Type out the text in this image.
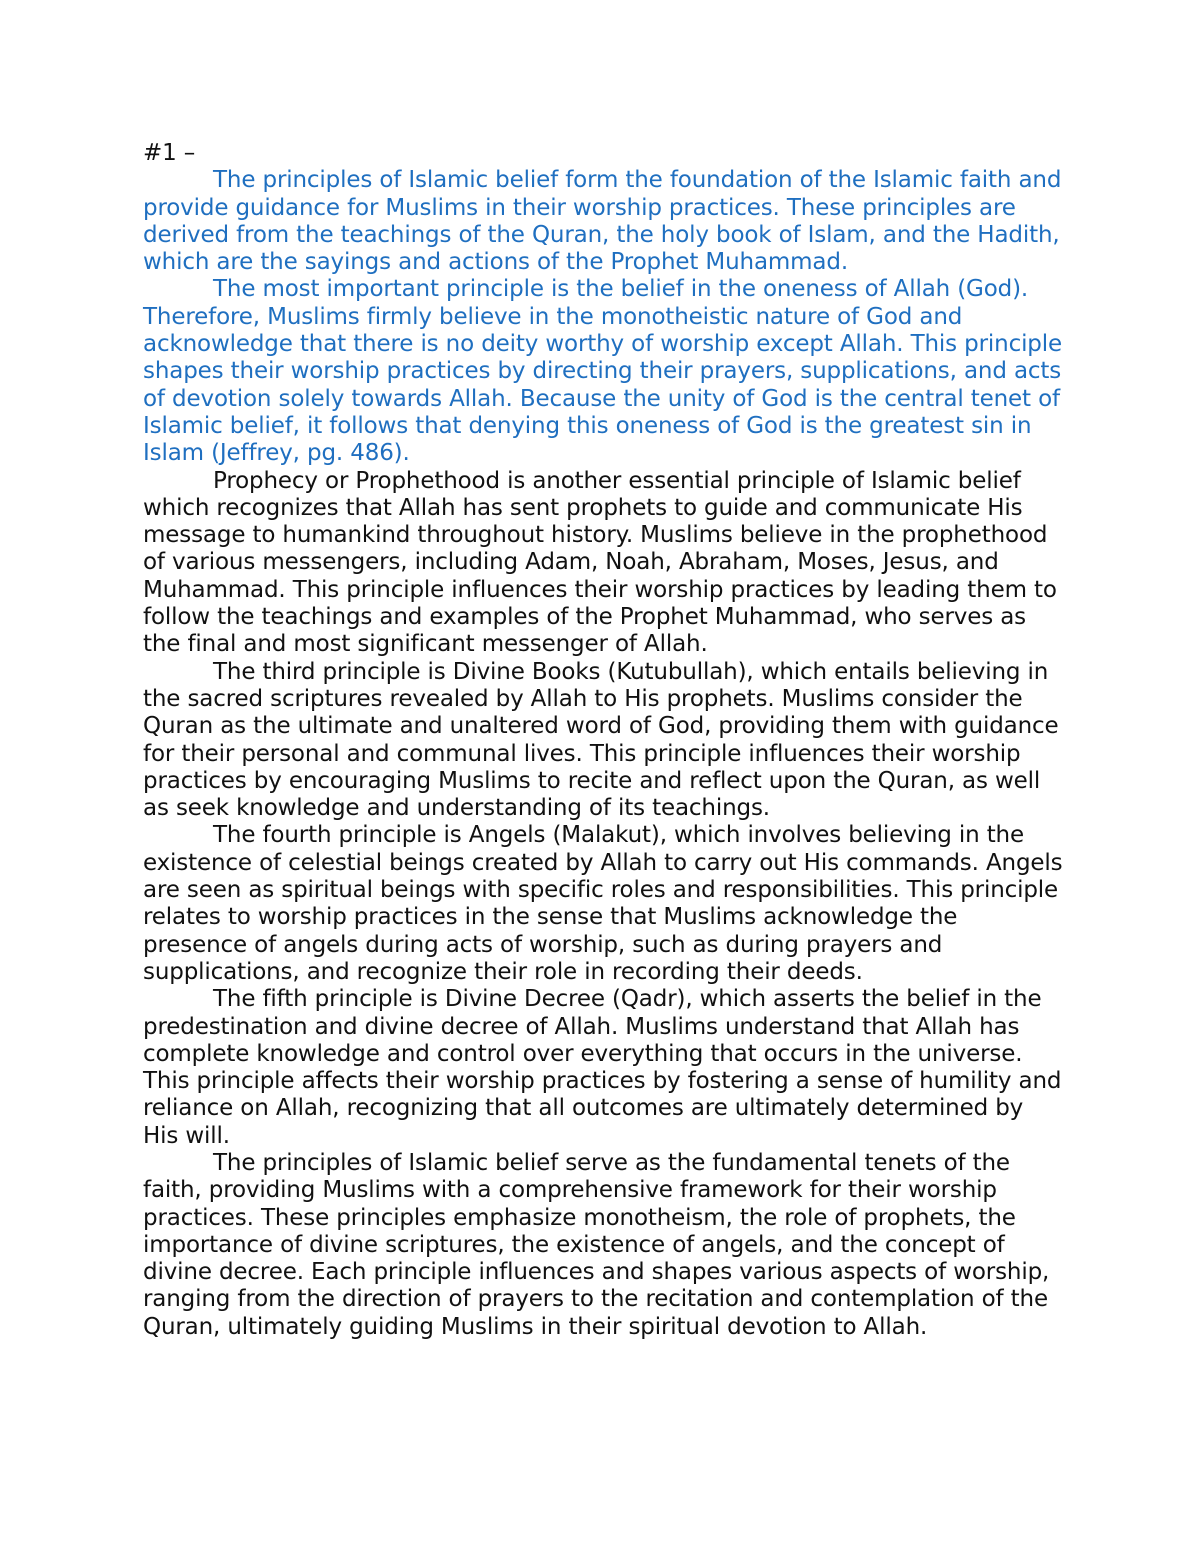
#1 –

The principles of Islamic belief form the foundation of the Islamic faith and provide guidance for Muslims in their worship practices. These principles are derived from the teachings of the Quran, the holy book of Islam, and the Hadith, which are the sayings and actions of the Prophet Muhammad.

The most important principle is the belief in the oneness of Allah (God). Therefore, Muslims firmly believe in the monotheistic nature of God and acknowledge that there is no deity worthy of worship except Allah. This principle shapes their worship practices by directing their prayers, supplications, and acts of devotion solely towards Allah. Because the unity of God is the central tenet of Islamic belief, it follows that denying this oneness of God is the greatest sin in Islam (Jeffrey, pg. 486).

Prophecy or Prophethood is another essential principle of Islamic belief which recognizes that Allah has sent prophets to guide and communicate His message to humankind throughout history. Muslims believe in the prophethood of various messengers, including Adam, Noah, Abraham, Moses, Jesus, and Muhammad. This principle influences their worship practices by leading them to follow the teachings and examples of the Prophet Muhammad, who serves as the final and most significant messenger of Allah.

The third principle is Divine Books (Kutubullah), which entails believing in the sacred scriptures revealed by Allah to His prophets. Muslims consider the Quran as the ultimate and unaltered word of God, providing them with guidance for their personal and communal lives. This principle influences their worship practices by encouraging Muslims to recite and reflect upon the Quran, as well as seek knowledge and understanding of its teachings.

The fourth principle is Angels (Malakut), which involves believing in the existence of celestial beings created by Allah to carry out His commands. Angels are seen as spiritual beings with specific roles and responsibilities. This principle relates to worship practices in the sense that Muslims acknowledge the presence of angels during acts of worship, such as during prayers and supplications, and recognize their role in recording their deeds.

The fifth principle is Divine Decree (Qadr), which asserts the belief in the predestination and divine decree of Allah. Muslims understand that Allah has complete knowledge and control over everything that occurs in the universe. This principle affects their worship practices by fostering a sense of humility and reliance on Allah, recognizing that all outcomes are ultimately determined by His will.

The principles of Islamic belief serve as the fundamental tenets of the faith, providing Muslims with a comprehensive framework for their worship practices. These principles emphasize monotheism, the role of prophets, the importance of divine scriptures, the existence of angels, and the concept of divine decree. Each principle influences and shapes various aspects of worship, ranging from the direction of prayers to the recitation and contemplation of the Quran, ultimately guiding Muslims in their spiritual devotion to Allah.
